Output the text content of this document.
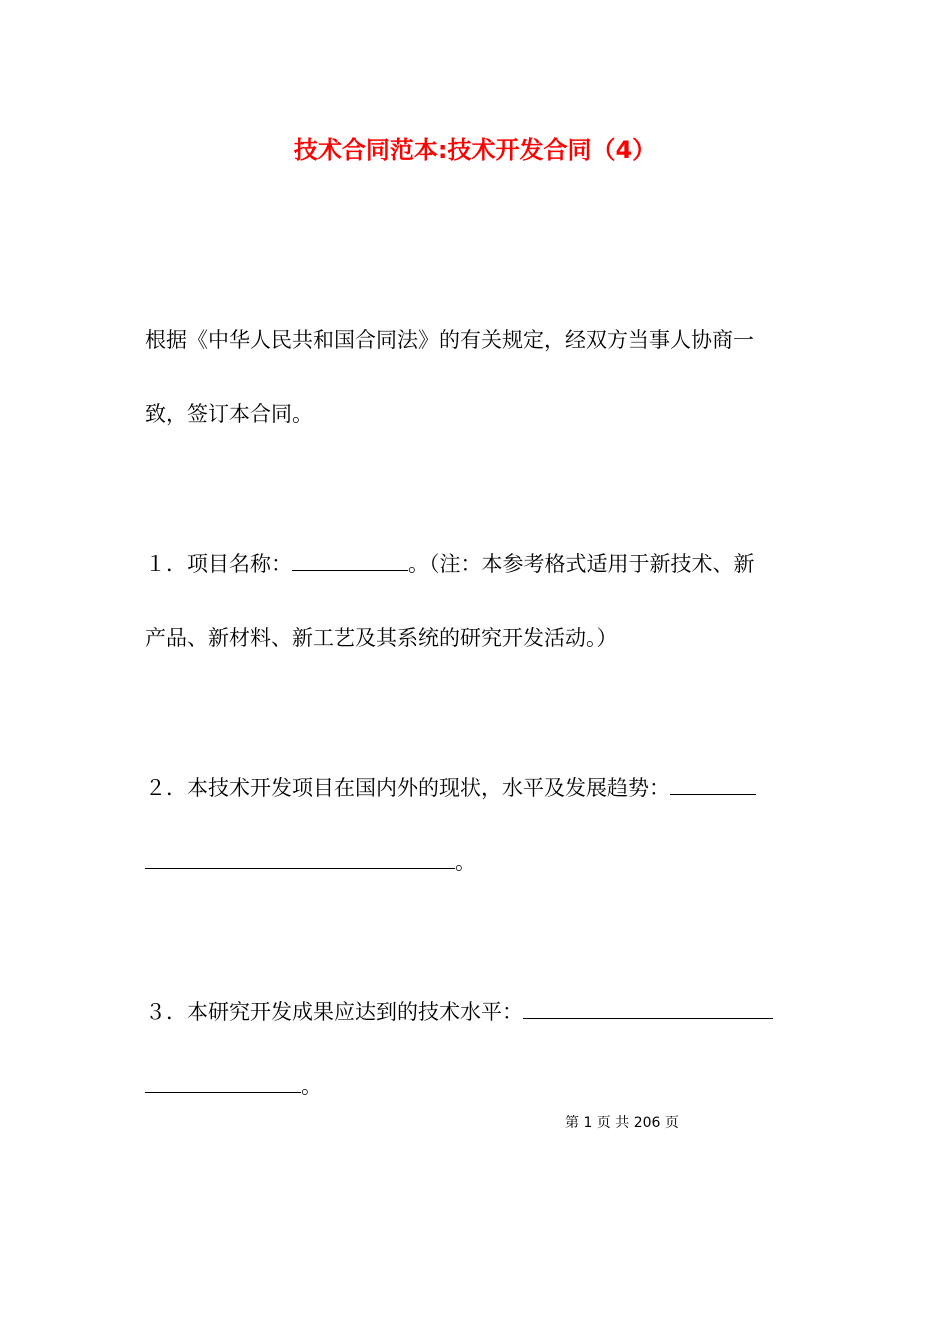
技术合同范本:技术开发合同（4）
根据《中华人民共和国合同法》的有关规定，经双方当事人协商一
致，签订本合同。
１．项目名称：	。（注：本参考格式适用于新技术、新
产品、新材料、新工艺及其系统的研究开发活动。）
２．本技术开发项目在国内外的现状，水平及发展趋势：
。
３．本研究开发成果应达到的技术水平：
。
第 1 页 共 206 页
